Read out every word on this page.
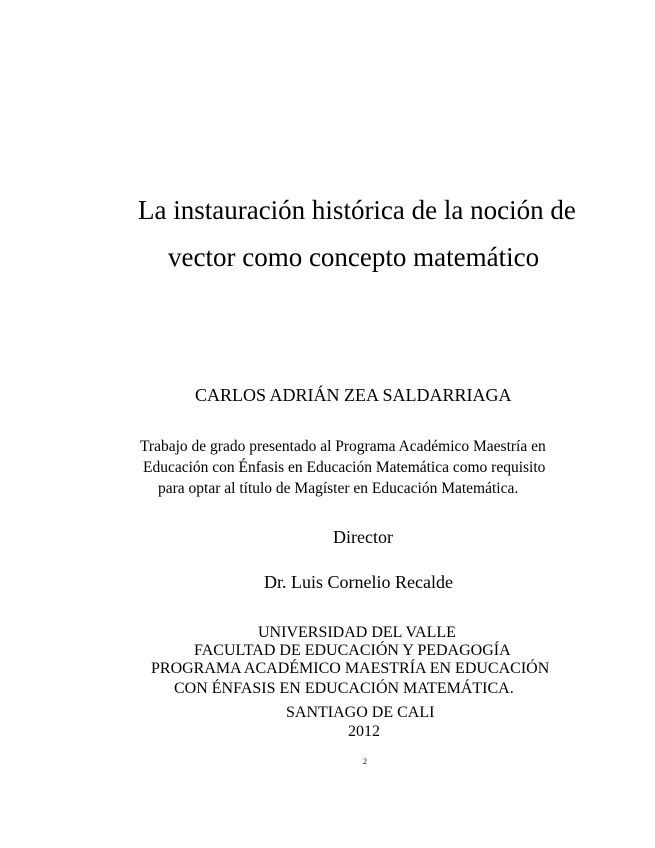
La instauración histórica de la noción de
vector como concepto matemático
CARLOS ADRIÁN ZEA SALDARRIAGA
Trabajo de grado presentado al Programa Académico Maestría en
Educación con Énfasis en Educación Matemática como requisito
para optar al título de Magíster en Educación Matemática.
Director
Dr. Luis Cornelio Recalde
UNIVERSIDAD DEL VALLE
FACULTAD DE EDUCACIÓN Y PEDAGOGÍA
PROGRAMA ACADÉMICO MAESTRÍA EN EDUCACIÓN
CON ÉNFASIS EN EDUCACIÓN MATEMÁTICA.
SANTIAGO DE CALI
2012
2
